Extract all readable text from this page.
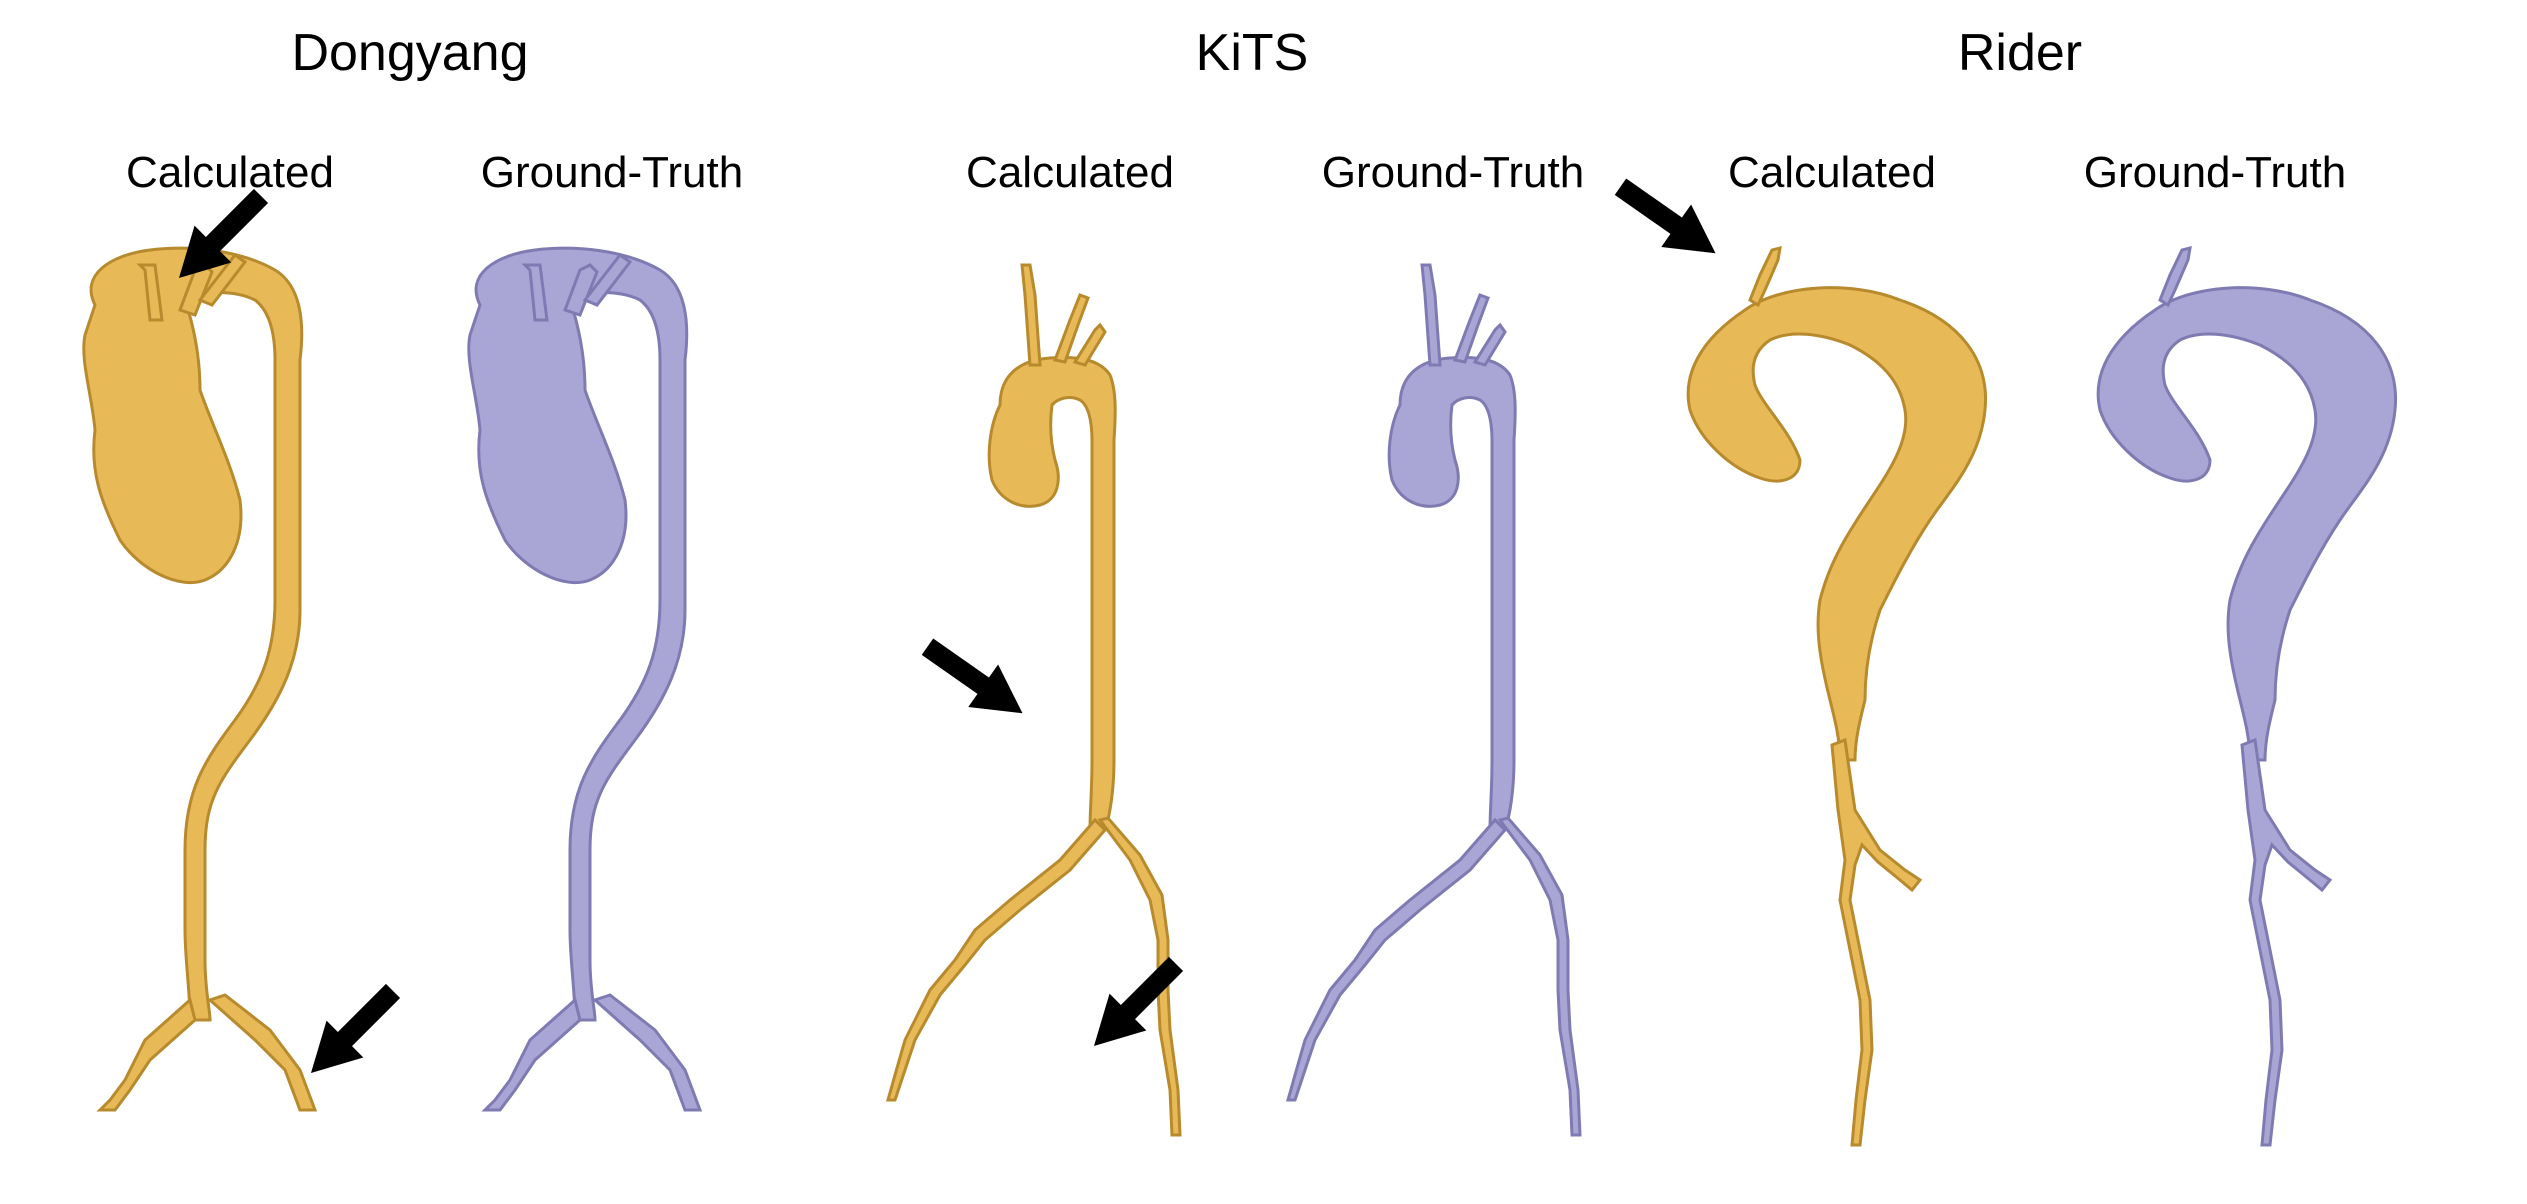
Dongyang
Calculated	Ground-Truth
KiTS
Calculated	Ground-Truth
Rider
Calculated	Ground-Truth
